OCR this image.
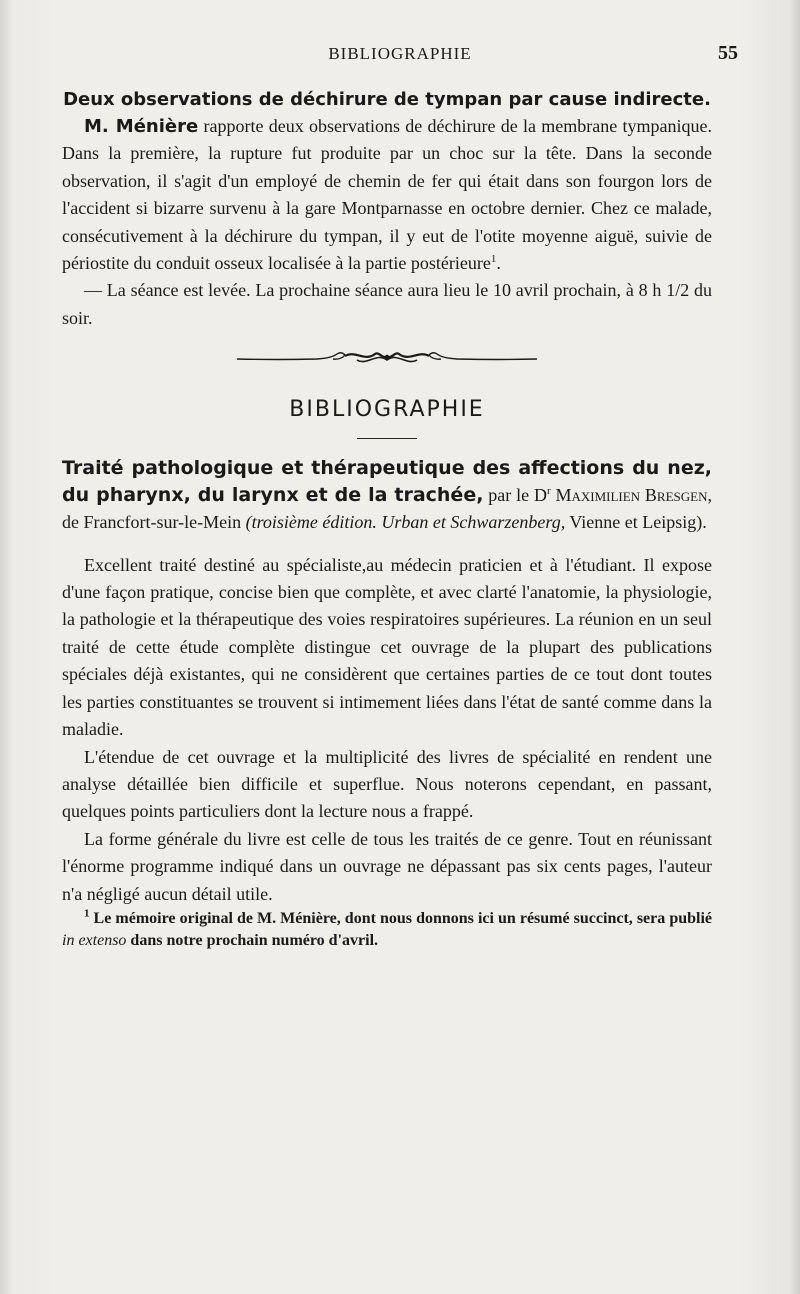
BIBLIOGRAPHIE	55
Deux observations de déchirure de tympan par cause indirecte.

M. Ménière rapporte deux observations de déchirure de la membrane tympanique. Dans la première, la rupture fut produite par un choc sur la tête. Dans la seconde observation, il s'agit d'un employé de chemin de fer qui était dans son fourgon lors de l'accident si bizarre survenu à la gare Montparnasse en octobre dernier. Chez ce malade, consécutivement à la déchirure du tympan, il y eut de l'otite moyenne aiguë, suivie de périostite du conduit osseux localisée à la partie postérieure$^1$.

— La séance est levée. La prochaine séance aura lieu le 10 avril prochain, à 8 h 1/2 du soir.

BIBLIOGRAPHIE

Traité pathologique et thérapeutique des affections du nez, du pharynx, du larynx et de la trachée, par le $D^r$ Maximilien Bresgen, de Francfort-sur-le-Mein (troisième édition. Urban et Schwarzenberg, Vienne et Leipsig).

Excellent traité destiné au spécialiste,au médecin praticien et à l'étudiant. Il expose d'une façon pratique, concise bien que complète, et avec clarté l'anatomie, la physiologie, la pathologie et la thérapeutique des voies respiratoires supérieures. La réunion en un seul traité de cette étude complète distingue cet ouvrage de la plupart des publications spéciales déjà existantes, qui ne considèrent que certaines parties de ce tout dont toutes les parties constituantes se trouvent si intimement liées dans l'état de santé comme dans la maladie.

L'étendue de cet ouvrage et la multiplicité des livres de spécialité en rendent une analyse détaillée bien difficile et superflue. Nous noterons cependant, en passant, quelques points particuliers dont la lecture nous a frappé.

La forme générale du livre est celle de tous les traités de ce genre. Tout en réunissant l'énorme programme indiqué dans un ouvrage ne dépassant pas six cents pages, l'auteur n'a négligé aucun détail utile.

$^1$ Le mémoire original de M. Ménière, dont nous donnons ici un résumé succinct, sera publié in extenso dans notre prochain numéro d'avril.
